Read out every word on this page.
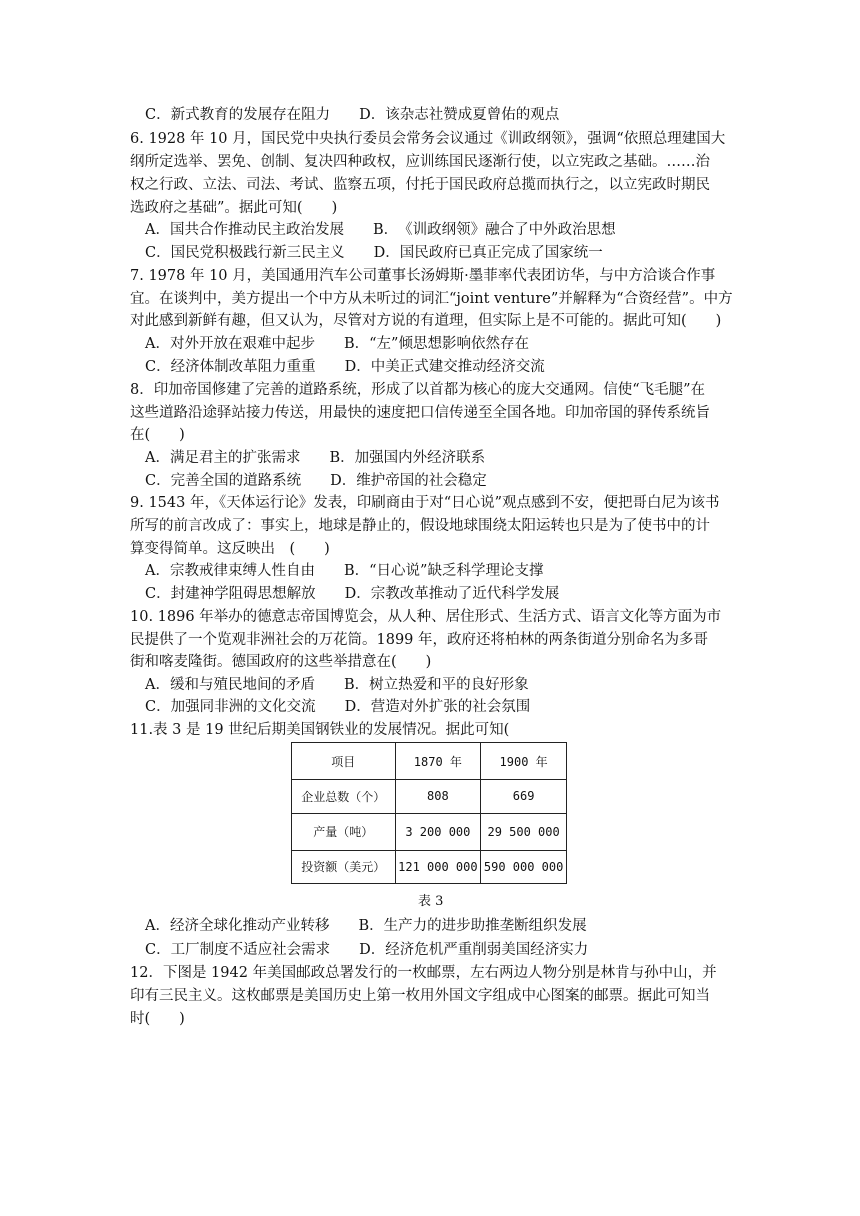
C．新式教育的发展存在阻力　　D．该杂志社赞成夏曾佑的观点
6. 1928 年 10 月，国民党中央执行委员会常务会议通过《训政纲领》，强调“依照总理建国大
纲所定选举、罢免、创制、复决四种政权，应训练国民逐渐行使，以立宪政之基础。……治
权之行政、立法、司法、考试、监察五项，付托于国民政府总揽而执行之，以立宪政时期民
选政府之基础”。据此可知(　　)
A．国共合作推动民主政治发展　　B．　《训政纲领》融合了中外政治思想
C．国民党积极践行新三民主义　　D．国民政府已真正完成了国家统一
7. 1978 年 10 月，美国通用汽车公司董事长汤姆斯·墨菲率代表团访华，与中方洽谈合作事
宜。在谈判中，美方提出一个中方从未听过的词汇“joint venture”并解释为“合资经营”。中方
对此感到新鲜有趣，但又认为，尽管对方说的有道理，但实际上是不可能的。据此可知(　　)
A．对外开放在艰难中起步　　B．“左”倾思想影响依然存在
C．经济体制改革阻力重重　　D．中美正式建交推动经济交流
8．印加帝国修建了完善的道路系统，形成了以首都为核心的庞大交通网。信使“飞毛腿”在
这些道路沿途驿站接力传送，用最快的速度把口信传递至全国各地。印加帝国的驿传系统旨
在(　　)
A．满足君主的扩张需求　　B．加强国内外经济联系
C．完善全国的道路系统　　D．维护帝国的社会稳定
9. 1543 年，《天体运行论》发表，印刷商由于对“日心说”观点感到不安，便把哥白尼为该书
所写的前言改成了：事实上，地球是静止的，假设地球围绕太阳运转也只是为了使书中的计
算变得简单。这反映出　(　　)
A．宗教戒律束缚人性自由　　B．“日心说”缺乏科学理论支撑
C．封建神学阻碍思想解放　　D．宗教改革推动了近代科学发展
10. 1896 年举办的德意志帝国博览会，从人种、居住形式、生活方式、语言文化等方面为市
民提供了一个览观非洲社会的万花筒。1899 年，政府还将柏林的两条街道分别命名为多哥
街和喀麦隆街。德国政府的这些举措意在(　　)
A．缓和与殖民地间的矛盾　　B．树立热爱和平的良好形象
C．加强同非洲的文化交流　　D．营造对外扩张的社会氛围
11.表 3 是 19 世纪后期美国钢铁业的发展情况。据此可知(
项目	1870 年	1900 年
企业总数（个）	808	669
产量（吨）	3 200 000	29 500 000
投资额（美元）	121 000 000	590 000 000
表 3
A．经济全球化推动产业转移　　B．生产力的进步助推垄断组织发展
C．工厂制度不适应社会需求　　D．经济危机严重削弱美国经济实力
12．下图是 1942 年美国邮政总署发行的一枚邮票，左右两边人物分别是林肯与孙中山，并
印有三民主义。这枚邮票是美国历史上第一枚用外国文字组成中心图案的邮票。据此可知当
时(　　)
